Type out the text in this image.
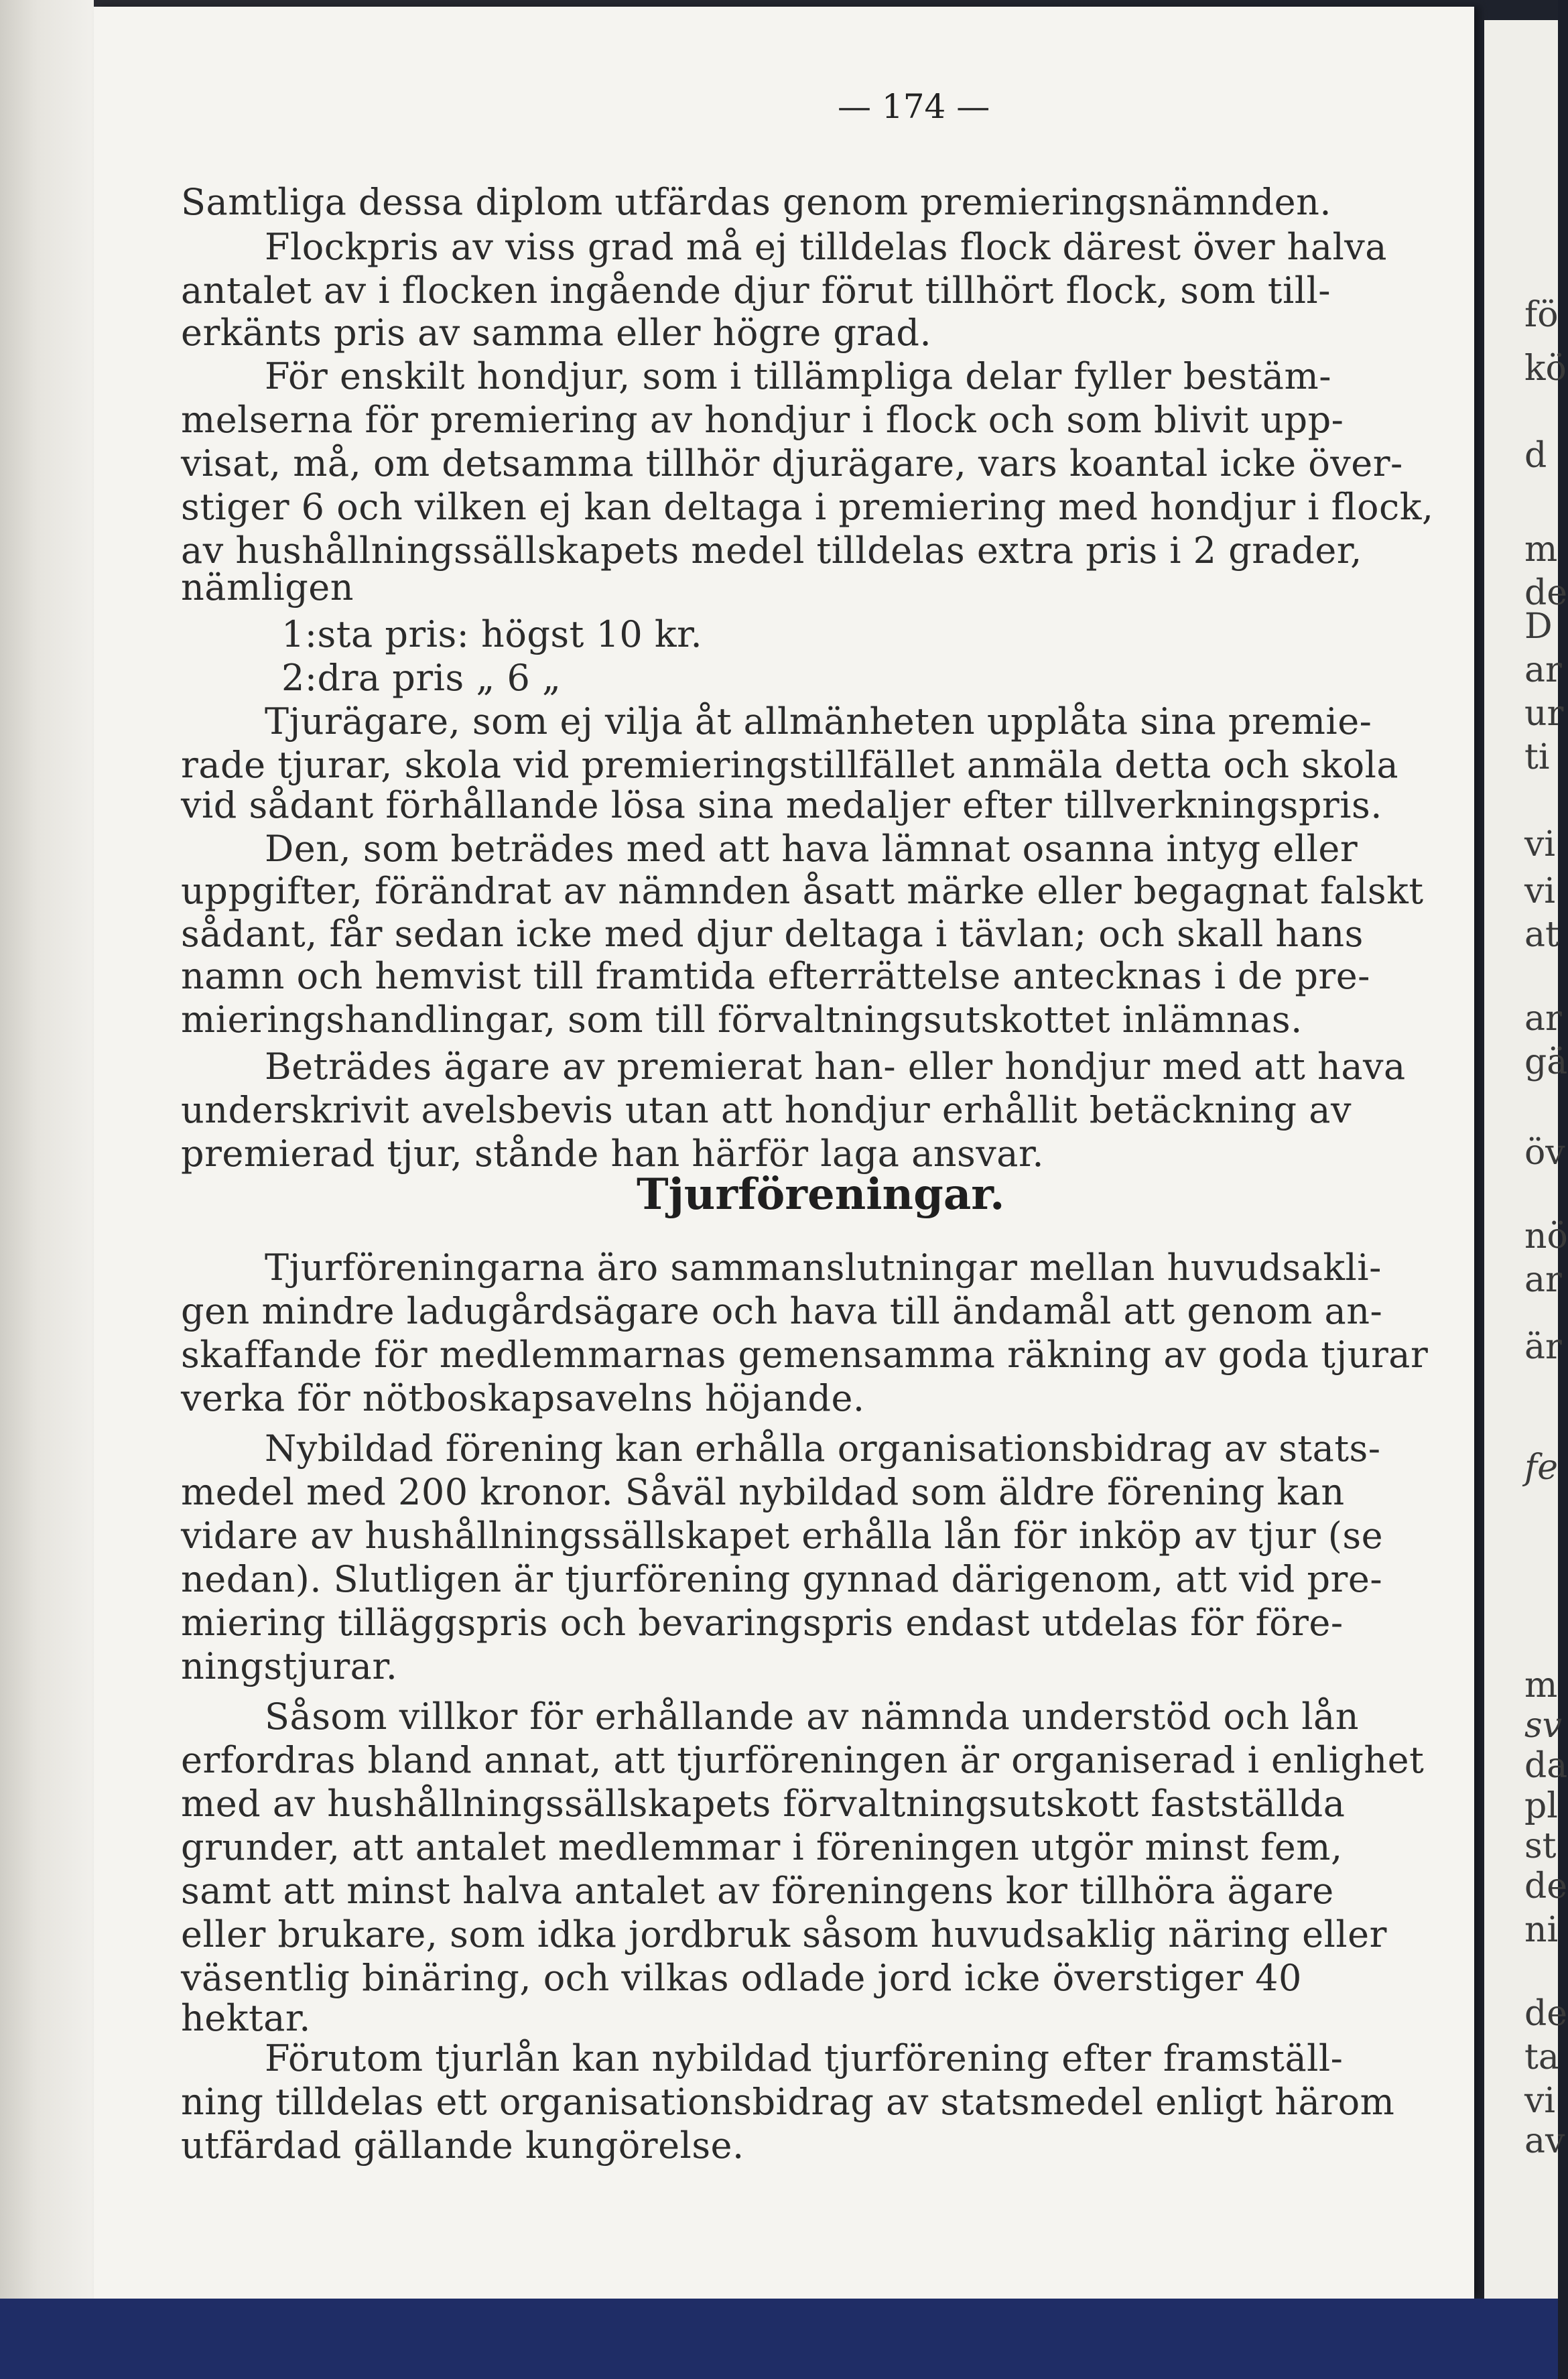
— 174 —
Samtliga dessa diplom utfärdas genom premieringsnämnden.
Flockpris av viss grad må ej tilldelas flock därest över halva
antalet av i flocken ingående djur förut tillhört flock, som till-
erkänts pris av samma eller högre grad.
För enskilt hondjur, som i tillämpliga delar fyller bestäm-
melserna för premiering av hondjur i flock och som blivit upp-
visat, må, om detsamma tillhör djurägare, vars koantal icke över-
stiger 6 och vilken ej kan deltaga i premiering med hondjur i flock,
av hushållningssällskapets medel tilldelas extra pris i 2 grader,
nämligen
1:sta pris: högst 10 kr.
2:dra pris „ 6 „
Tjurägare, som ej vilja åt allmänheten upplåta sina premie-
rade tjurar, skola vid premieringstillfället anmäla detta och skola
vid sådant förhållande lösa sina medaljer efter tillverkningspris.
Den, som beträdes med att hava lämnat osanna intyg eller
uppgifter, förändrat av nämnden åsatt märke eller begagnat falskt
sådant, får sedan icke med djur deltaga i tävlan; och skall hans
namn och hemvist till framtida efterrättelse antecknas i de pre-
mieringshandlingar, som till förvaltningsutskottet inlämnas.
Beträdes ägare av premierat han- eller hondjur med att hava
underskrivit avelsbevis utan att hondjur erhållit betäckning av
premierad tjur, stånde han härför laga ansvar.
Tjurföreningarna äro sammanslutningar mellan huvudsakli-
gen mindre ladugårdsägare och hava till ändamål att genom an-
skaffande för medlemmarnas gemensamma räkning av goda tjurar
verka för nötboskapsavelns höjande.
Nybildad förening kan erhålla organisationsbidrag av stats-
medel med 200 kronor. Såväl nybildad som äldre förening kan
vidare av hushållningssällskapet erhålla lån för inköp av tjur (se
nedan). Slutligen är tjurförening gynnad därigenom, att vid pre-
miering tilläggspris och bevaringspris endast utdelas för före-
ningstjurar.
Såsom villkor för erhållande av nämnda understöd och lån
erfordras bland annat, att tjurföreningen är organiserad i enlighet
med av hushållningssällskapets förvaltningsutskott fastställda
grunder, att antalet medlemmar i föreningen utgör minst fem,
samt att minst halva antalet av föreningens kor tillhöra ägare
eller brukare, som idka jordbruk såsom huvudsaklig näring eller
väsentlig binäring, och vilkas odlade jord icke överstiger 40
hektar.
Förutom tjurlån kan nybildad tjurförening efter framställ-
ning tilldelas ett organisationsbidrag av statsmedel enligt härom
utfärdad gällande kungörelse.
Tjurföreningar.
fö
kö
d
m
de
D
ar
ur
ti
vi
vi
at
ar
gä
öv
nö
ar
är
fe
m
sv
da
pl
st
de
ni
de
ta
vi
av
